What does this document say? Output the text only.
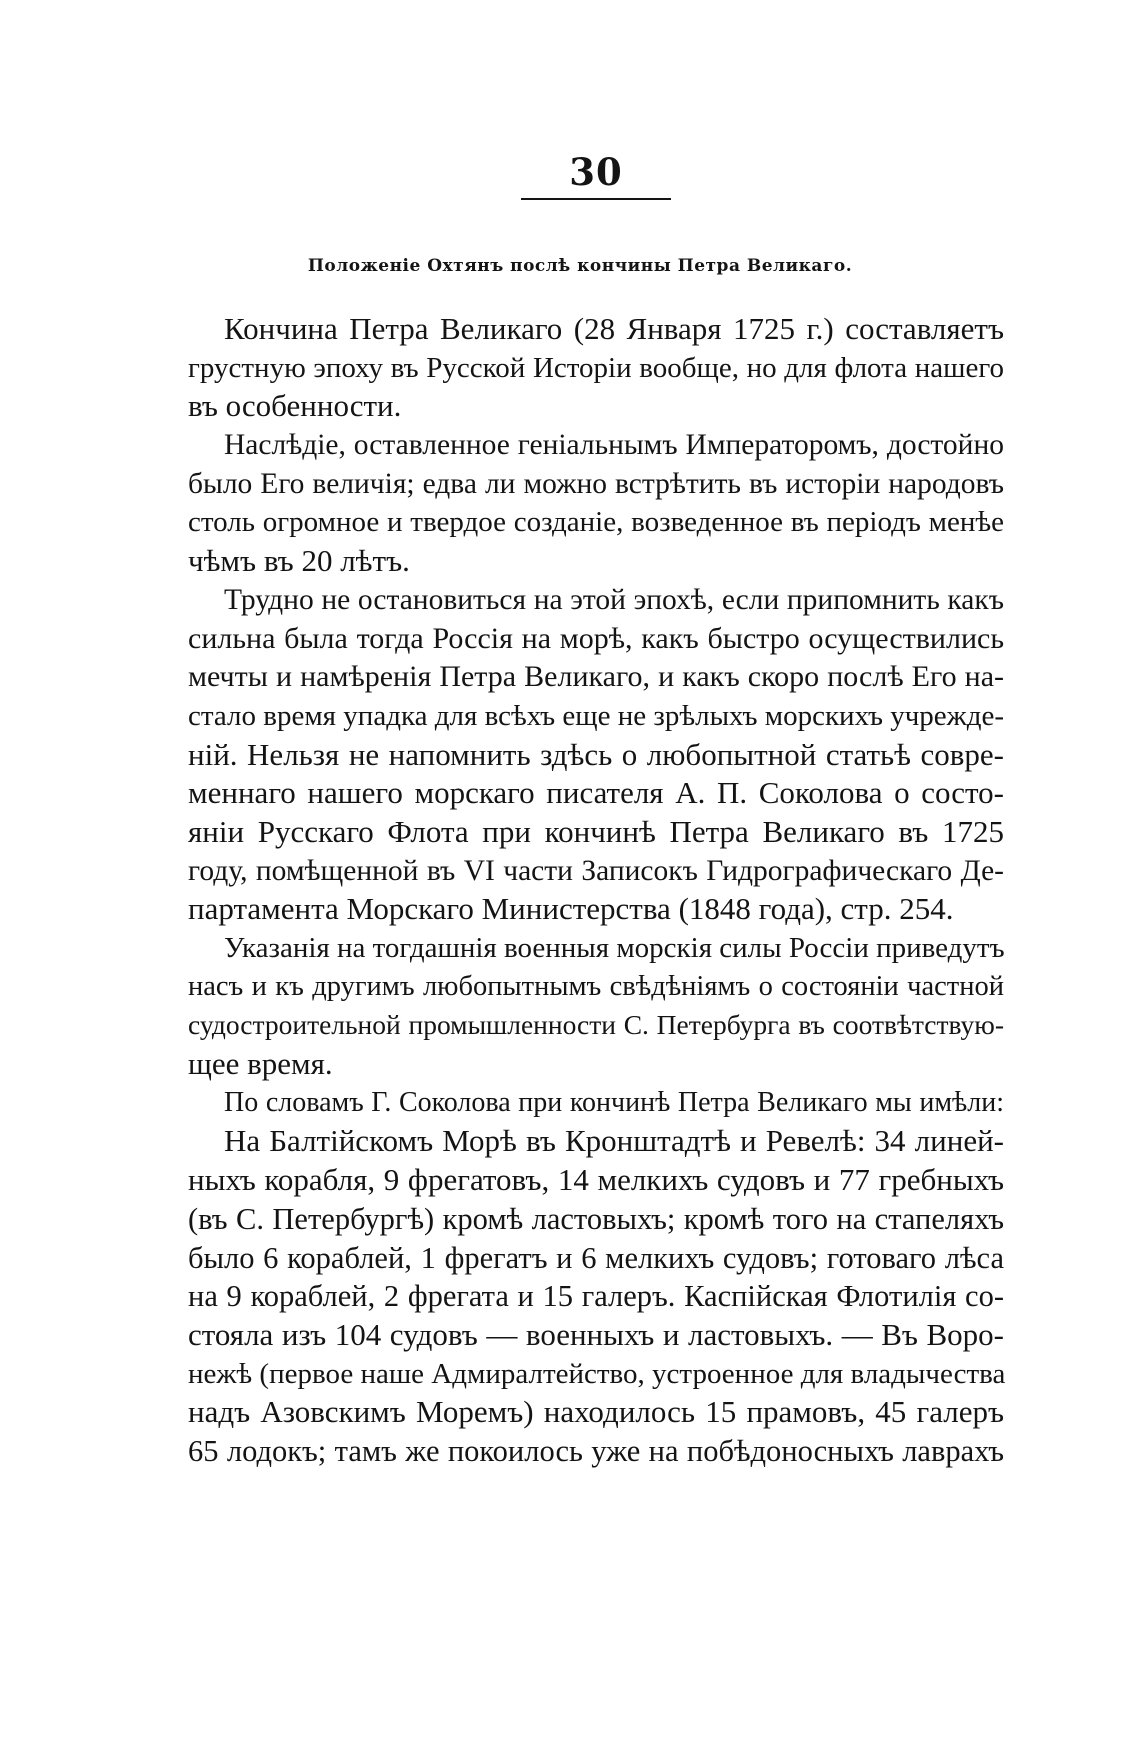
30
Положеніе Охтянъ послѣ кончины Петра Великаго.
Кончина Петра Великаго (28 Января 1725 г.) составляетъ
грустную эпоху въ Русской Исторіи вообще, но для флота нашего
въ особенности.
Наслѣдіе, оставленное геніальнымъ Императоромъ, достойно
было Его величія; едва ли можно встрѣтить въ исторіи народовъ
столь огромное и твердое созданіе, возведенное въ періодъ менѣе
чѣмъ въ 20 лѣтъ.
Трудно не остановиться на этой эпохѣ, если припомнить какъ
сильна была тогда Россія на морѣ, какъ быстро осуществились
мечты и намѣренія Петра Великаго, и какъ скоро послѣ Его на-
стало время упадка для всѣхъ еще не зрѣлыхъ морскихъ учрежде-
ній. Нельзя не напомнить здѣсь о любопытной статьѣ совре-
меннаго нашего морскаго писателя А. П. Соколова о состо-
яніи Русскаго Флота при кончинѣ Петра Великаго въ 1725
году, помѣщенной въ VI части Записокъ Гидрографическаго Де-
партамента Морскаго Министерства (1848 года), стр. 254.
Указанія на тогдашнія военныя морскія силы Россіи приведутъ
насъ и къ другимъ любопытнымъ свѣдѣніямъ о состояніи частной
судостроительной промышленности С. Петербурга въ соотвѣтствую-
щее время.
По словамъ Г. Соколова при кончинѣ Петра Великаго мы имѣли:
На Балтійскомъ Морѣ въ Кронштадтѣ и Ревелѣ: 34 линей-
ныхъ корабля, 9 фрегатовъ, 14 мелкихъ судовъ и 77 гребныхъ
(въ С. Петербургѣ) кромѣ ластовыхъ; кромѣ того на стапеляхъ
было 6 кораблей, 1 фрегатъ и 6 мелкихъ судовъ; готоваго лѣса
на 9 кораблей, 2 фрегата и 15 галеръ. Каспійская Флотилія со-
стояла изъ 104 судовъ — военныхъ и ластовыхъ. — Въ Воро-
нежѣ (первое наше Адмиралтейство, устроенное для владычества
надъ Азовскимъ Моремъ) находилось 15 прамовъ, 45 галеръ
65 лодокъ; тамъ же покоилось уже на побѣдоносныхъ лаврахъ
